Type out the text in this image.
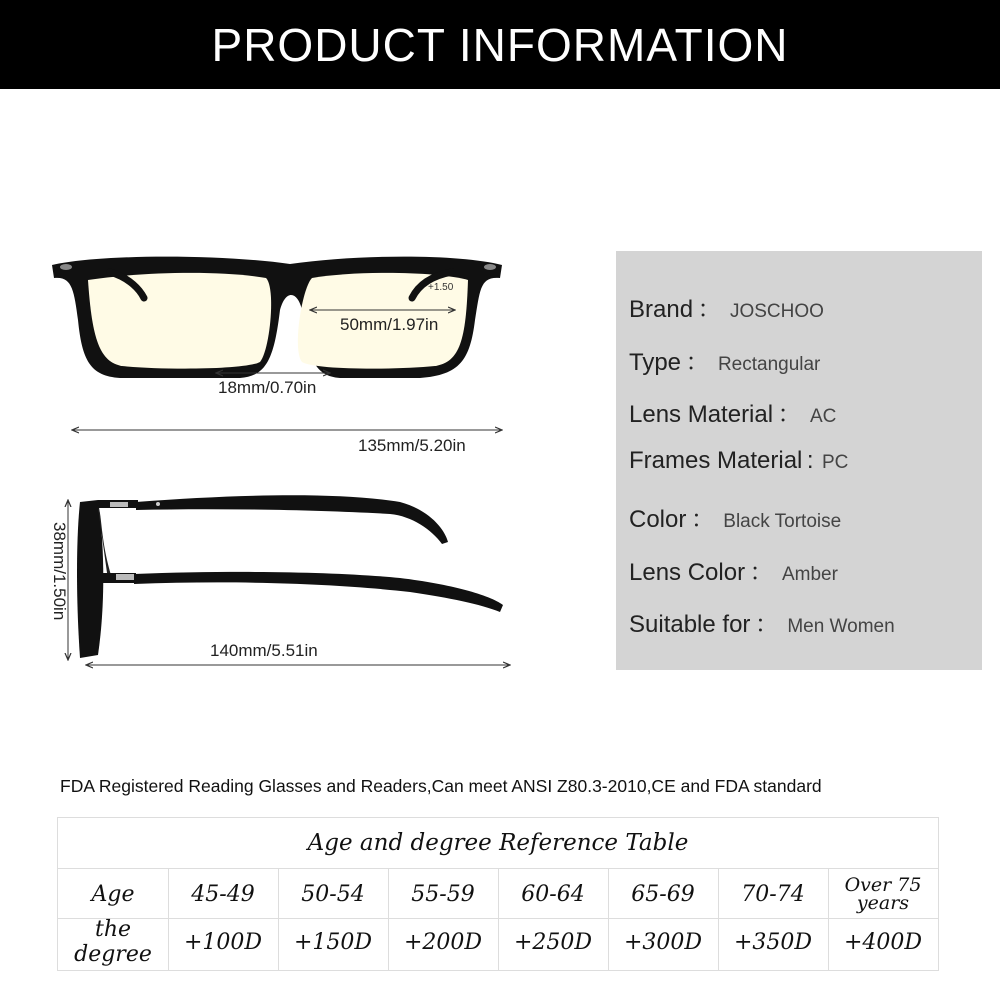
PRODUCT INFORMATION
+1.50
50mm/1.97in
18mm/0.70in
135mm/5.20in
38mm/1.50in
140mm/5.51in
Brand ： JOSCHOO
Type ： Rectangular
Lens Material ： AC
Frames Material : PC
Color ： Black Tortoise
Lens Color ： Amber
Suitable for ： Men Women
FDA Registered Reading Glasses and Readers,Can meet ANSI Z80.3-2010,CE and FDA standard
Age and degree Reference Table
Age	45-49	50-54	55-59	60-64	65-69	70-74	Over 75 years
the degree	+100D	+150D	+200D	+250D	+300D	+350D	+400D
